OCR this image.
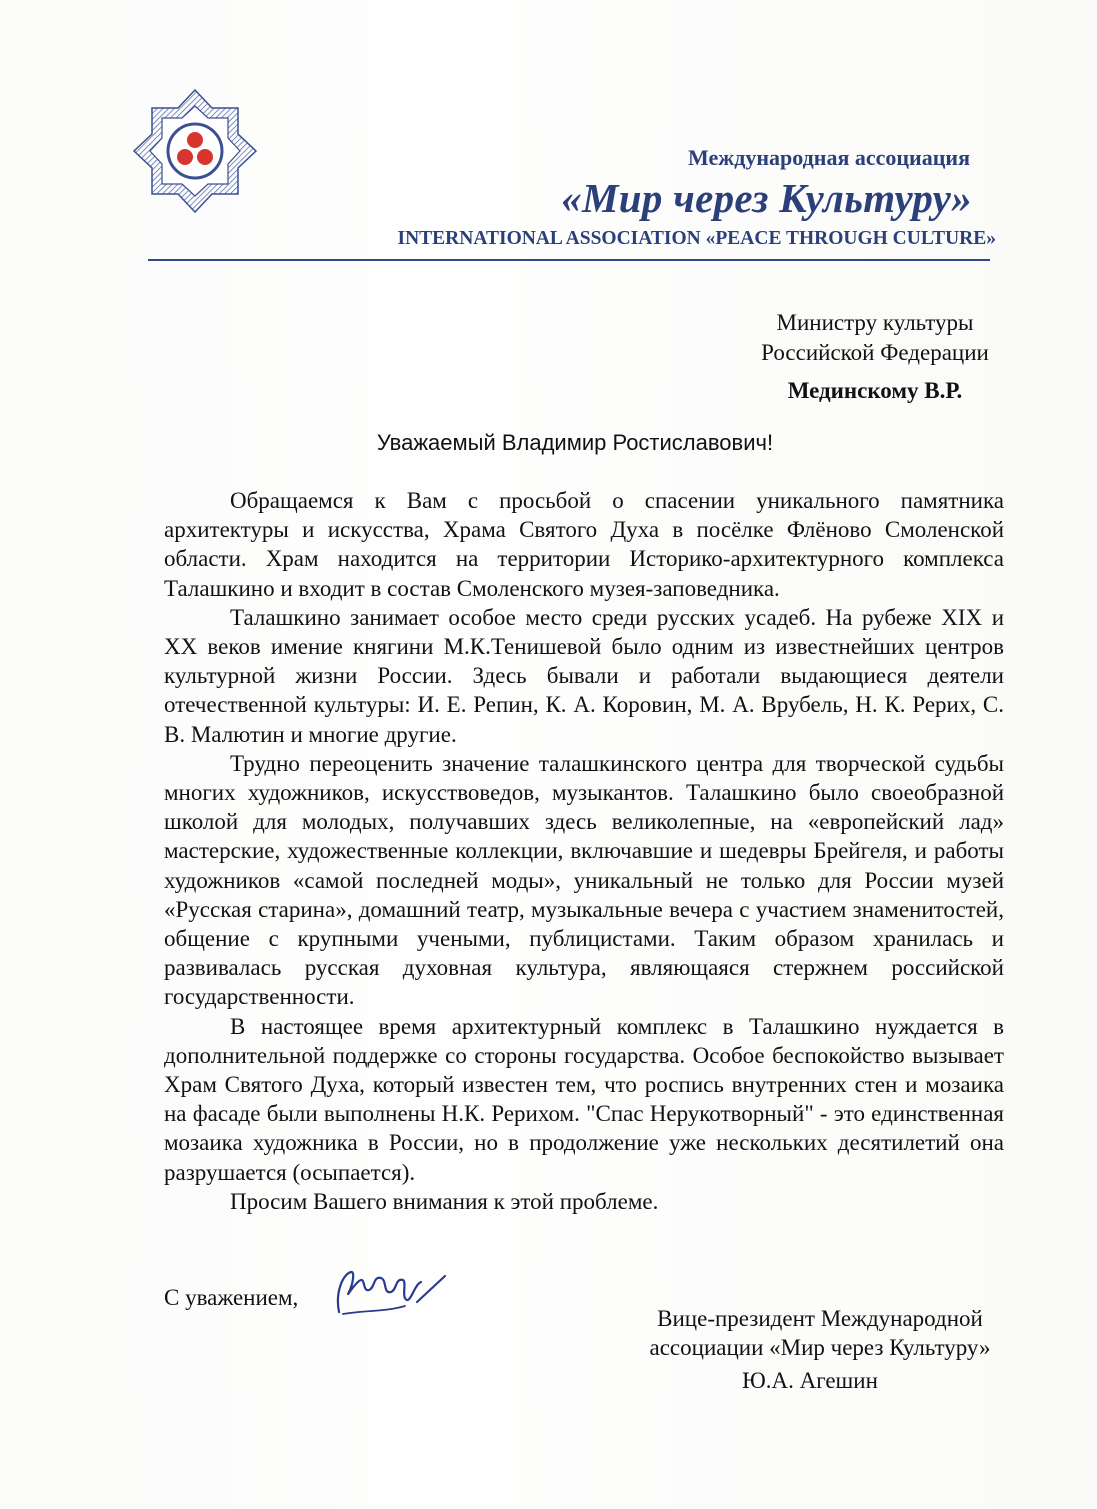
Международная ассоциация
«Мир через Культуру»
INTERNATIONAL ASSOCIATION «PEACE THROUGH CULTURE»
Министру культуры
Российской Федерации
Мединскому В.Р.
Уважаемый Владимир Ростиславович!

Обращаемся к Вам с просьбой о спасении уникального памятника архитектуры и искусства, Храма Святого Духа в посёлке Флёново Смоленской области. Храм находится на территории Историко-архитектурного комплекса Талашкино и входит в состав Смоленского музея-заповедника.

Талашкино занимает особое место среди русских усадеб. На рубеже XIX и XX веков имение княгини М.К.Тенишевой было одним из известнейших центров культурной жизни России. Здесь бывали и работали выдающиеся деятели отечественной культуры: И. Е. Репин, К. А. Коровин, М. А. Врубель, Н. К. Рерих, С. В. Малютин и многие другие.

Трудно переоценить значение талашкинского центра для творческой судьбы многих художников, искусствоведов, музыкантов. Талашкино было своеобразной школой для молодых, получавших здесь великолепные, на «европейский лад» мастерские, художественные коллекции, включавшие и шедевры Брейгеля, и работы художников «самой последней моды», уникальный не только для России музей «Русская старина», домашний театр, музыкальные вечера с участием знаменитостей, общение с крупными учеными, публицистами. Таким образом хранилась и развивалась русская духовная культура, являющаяся стержнем российской государственности.

В настоящее время архитектурный комплекс в Талашкино нуждается в дополнительной поддержке со стороны государства. Особое беспокойство вызывает Храм Святого Духа, который известен тем, что роспись внутренних стен и мозаика на фасаде были выполнены Н.К. Рерихом. "Спас Нерукотворный" - это единственная мозаика художника в России, но в продолжение уже нескольких десятилетий она разрушается (осыпается).

Просим Вашего внимания к этой проблеме.

С уважением,
Вице-президент Международной
ассоциации «Мир через Культуру»
Ю.А. Агешин
